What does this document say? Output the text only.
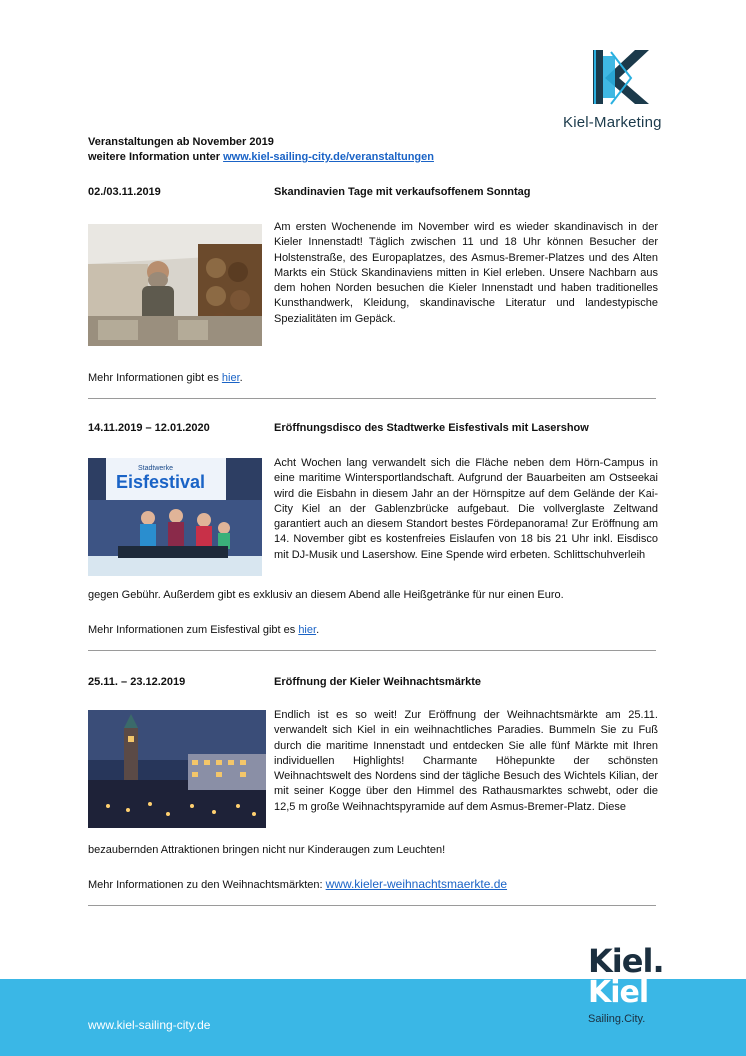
Kiel-Marketing
Veranstaltungen ab November 2019
weitere Information unter www.kiel-sailing-city.de/veranstaltungen
02./03.11.2019	Skandinavien Tage mit verkaufsoffenem Sonntag
Am ersten Wochenende im November wird es wieder skandinavisch in der Kieler Innenstadt! Täglich zwischen 11 und 18 Uhr können Besucher der Holstenstraße, des Europaplatzes, des Asmus-Bremer-Platzes und des Alten Markts ein Stück Skandinaviens mitten in Kiel erleben. Unsere Nachbarn aus dem hohen Norden besuchen die Kieler Innenstadt und haben traditionelles Kunsthandwerk, Kleidung, skandinavische Literatur und landestypische Spezialitäten im Gepäck.
Mehr Informationen gibt es hier.
14.11.2019 – 12.01.2020	Eröffnungsdisco des Stadtwerke Eisfestivals mit Lasershow
Stadtwerke
Eisfestival
Acht Wochen lang verwandelt sich die Fläche neben dem Hörn-Campus in eine maritime Wintersportlandschaft. Aufgrund der Bauarbeiten am Ostseekai wird die Eisbahn in diesem Jahr an der Hörnspitze auf dem Gelände der Kai-City Kiel an der Gablenzbrücke aufgebaut. Die vollverglaste Zeltwand garantiert auch an diesem Standort bestes Fördepanorama! Zur Eröffnung am 14. November gibt es kostenfreies Eislaufen von 18 bis 21 Uhr inkl. Eisdisco mit DJ-Musik und Lasershow. Eine Spende wird erbeten. Schlittschuhverleih
gegen Gebühr. Außerdem gibt es exklusiv an diesem Abend alle Heißgetränke für nur einen Euro.
Mehr Informationen zum Eisfestival gibt es hier.
25.11. – 23.12.2019	Eröffnung der Kieler Weihnachtsmärkte
Endlich ist es so weit! Zur Eröffnung der Weihnachtsmärkte am 25.11. verwandelt sich Kiel in ein weihnachtliches Paradies. Bummeln Sie zu Fuß durch die maritime Innenstadt und entdecken Sie alle fünf Märkte mit Ihren individuellen Highlights! Charmante Höhepunkte der schönsten Weihnachtswelt des Nordens sind der tägliche Besuch des Wichtels Kilian, der mit seiner Kogge über den Himmel des Rathausmarktes schwebt, oder die 12,5 m große Weihnachtspyramide auf dem Asmus-Bremer-Platz. Diese
bezaubernden Attraktionen bringen nicht nur Kinderaugen zum Leuchten!
Mehr Informationen zu den Weihnachtsmärkten: www.kieler-weihnachtsmaerkte.de
www.kiel-sailing-city.de
Kiel.
Kiel
Sailing.City.
